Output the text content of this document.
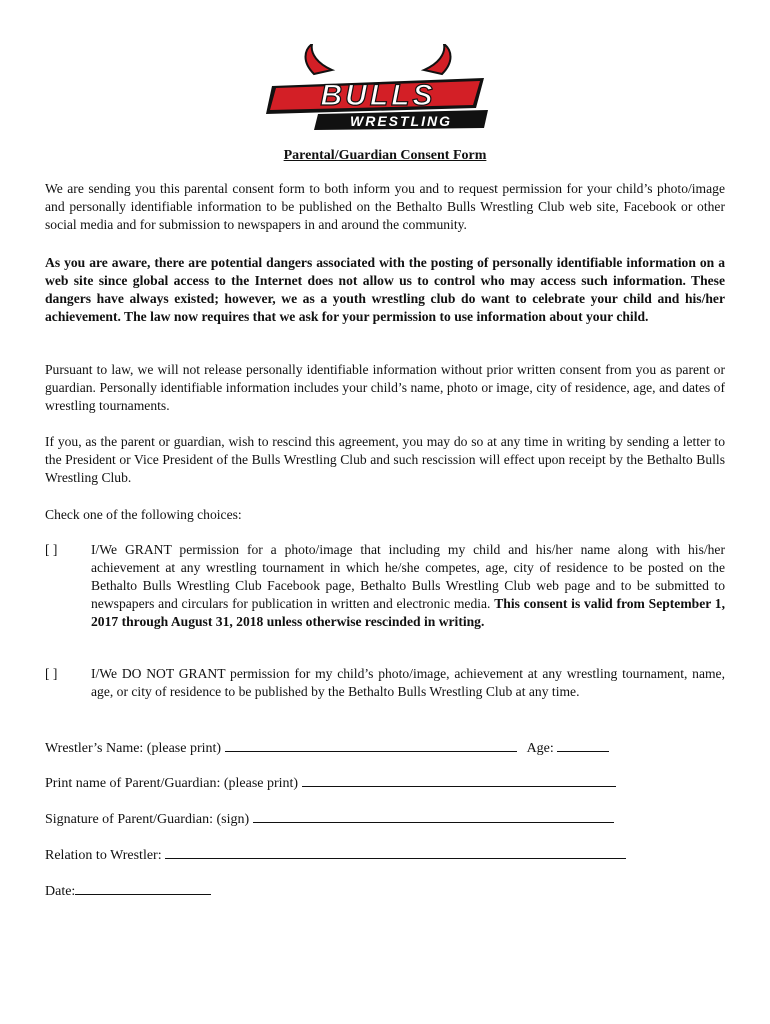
BULLS
WRESTLING
Parental/Guardian Consent Form

We are sending you this parental consent form to both inform you and to request permission for your child’s photo/image and personally identifiable information to be published on the Bethalto Bulls Wrestling Club web site, Facebook or other social media and for submission to newspapers in and around the community.

As you are aware, there are potential dangers associated with the posting of personally identifiable information on a web site since global access to the Internet does not allow us to control who may access such information. These dangers have always existed; however, we as a youth wrestling club do want to celebrate your child and his/her achievement. The law now requires that we ask for your permission to use information about your child.

Pursuant to law, we will not release personally identifiable information without prior written consent from you as parent or guardian. Personally identifiable information includes your child’s name, photo or image, city of residence, age, and dates of wrestling tournaments.

If you, as the parent or guardian, wish to rescind this agreement, you may do so at any time in writing by sending a letter to the President or Vice President of the Bulls Wrestling Club and such rescission will effect upon receipt by the Bethalto Bulls Wrestling Club.

Check one of the following choices:

[ ] I/We GRANT permission for a photo/image that including my child and his/her name along with his/her achievement at any wrestling tournament in which he/she competes, age, city of residence to be posted on the Bethalto Bulls Wrestling Club Facebook page, Bethalto Bulls Wrestling Club web page and to be submitted to newspapers and circulars for publication in written and electronic media. This consent is valid from September 1, 2017 through August 31, 2018 unless otherwise rescinded in writing.

[ ] I/We DO NOT GRANT permission for my child’s photo/image, achievement at any wrestling tournament, name, age, or city of residence to be published by the Bethalto Bulls Wrestling Club at any time.

Wrestler’s Name: (please print)	Age:
Print name of Parent/Guardian: (please print)
Signature of Parent/Guardian: (sign)
Relation to Wrestler:
Date:
